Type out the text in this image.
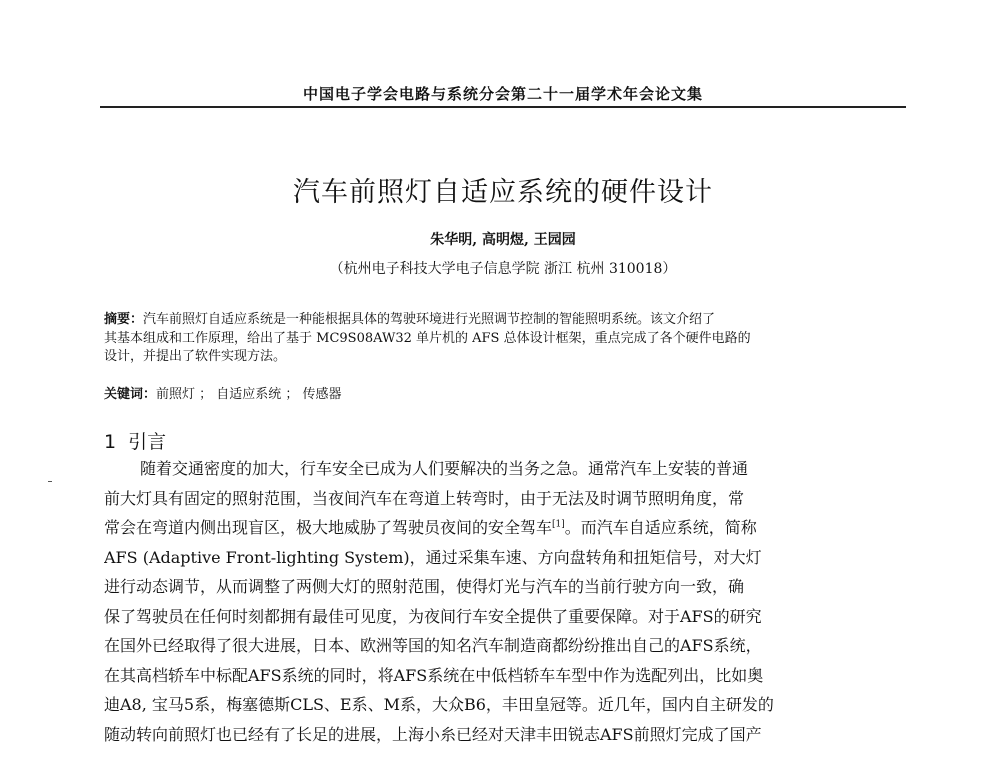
中国电子学会电路与系统分会第二十一届学术年会论文集
汽车前照灯自适应系统的硬件设计
朱华明, 高明煜, 王园园
（杭州电子科技大学电子信息学院 浙江 杭州 310018）
摘要：汽车前照灯自适应系统是一种能根据具体的驾驶环境进行光照调节控制的智能照明系统。该文介绍了
其基本组成和工作原理，给出了基于 MC9S08AW32 单片机的 AFS 总体设计框架，重点完成了各个硬件电路的
设计，并提出了软件实现方法。
关键词：前照灯 ； 自适应系统 ； 传感器
1 引言
随着交通密度的加大，行车安全已成为人们要解决的当务之急。通常汽车上安装的普通
前大灯具有固定的照射范围，当夜间汽车在弯道上转弯时，由于无法及时调节照明角度，常
常会在弯道内侧出现盲区，极大地威胁了驾驶员夜间的安全驾车[1]。而汽车自适应系统，简称
AFS (Adaptive Front-lighting System)，通过采集车速、方向盘转角和扭矩信号，对大灯
进行动态调节，从而调整了两侧大灯的照射范围，使得灯光与汽车的当前行驶方向一致，确
保了驾驶员在任何时刻都拥有最佳可见度，为夜间行车安全提供了重要保障。对于AFS的研究
在国外已经取得了很大进展，日本、欧洲等国的知名汽车制造商都纷纷推出自己的AFS系统，
在其高档轿车中标配AFS系统的同时，将AFS系统在中低档轿车车型中作为选配列出，比如奥
迪A8, 宝马5系，梅塞德斯CLS、E系、M系，大众B6，丰田皇冠等。近几年，国内自主研发的
随动转向前照灯也已经有了长足的进展，上海小糸已经对天津丰田锐志AFS前照灯完成了国产
